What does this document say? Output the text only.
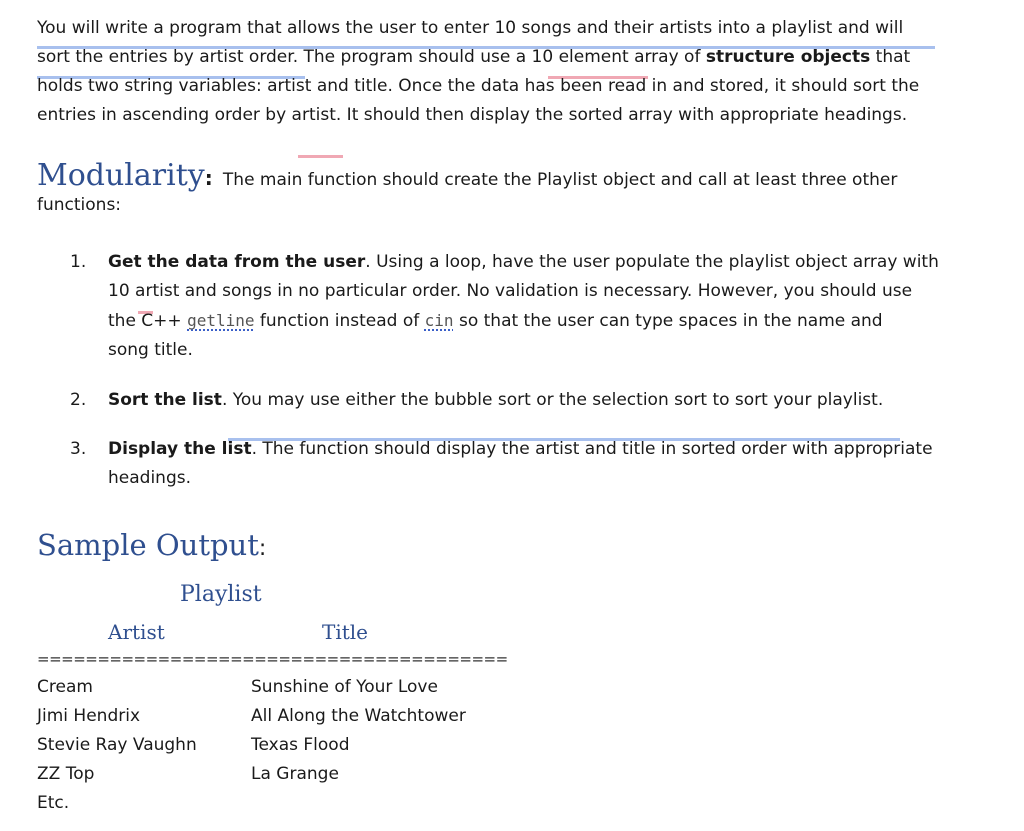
You will write a program that allows the user to enter 10 songs and their artists into a playlist and will
sort the entries by artist order. The program should use a 10 element array of structure objects that
holds two string variables: artist and title. Once the data has been read in and stored, it should sort the
entries in ascending order by artist. It should then display the sorted array with appropriate headings.
Modularity: The main function should create the Playlist object and call at least three other
functions:
1. Get the data from the user. Using a loop, have the user populate the playlist object array with
10 artist and songs in no particular order. No validation is necessary. However, you should use
the C++ getline function instead of cin so that the user can type spaces in the name and
song title.
2. Sort the list. You may use either the bubble sort or the selection sort to sort your playlist.
3. Display the list. The function should display the artist and title in sorted order with appropriate
headings.
Sample Output:
Playlist
Artist	Title
=======================================
Cream	Sunshine of Your Love
Jimi Hendrix	All Along the Watchtower
Stevie Ray Vaughn	Texas Flood
ZZ Top	La Grange
Etc.
